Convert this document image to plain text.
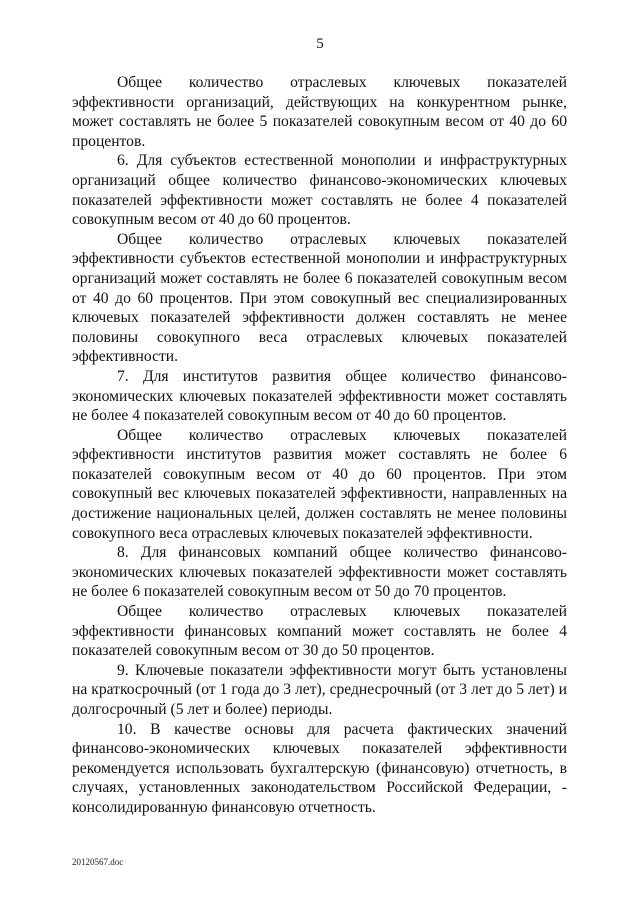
5

Общее количество отраслевых ключевых показателей эффективности организаций, действующих на конкурентном рынке, может составлять не более 5 показателей совокупным весом от 40 до 60 процентов.

6. Для субъектов естественной монополии и инфраструктурных организаций общее количество финансово-экономических ключевых показателей эффективности может составлять не более 4 показателей совокупным весом от 40 до 60 процентов.

Общее количество отраслевых ключевых показателей эффективности субъектов естественной монополии и инфраструктурных организаций может составлять не более 6 показателей совокупным весом от 40 до 60 процентов. При этом совокупный вес специализированных ключевых показателей эффективности должен составлять не менее половины совокупного веса отраслевых ключевых показателей эффективности.

7. Для институтов развития общее количество финансово-экономических ключевых показателей эффективности может составлять не более 4 показателей совокупным весом от 40 до 60 процентов.

Общее количество отраслевых ключевых показателей эффективности институтов развития может составлять не более 6 показателей совокупным весом от 40 до 60 процентов. При этом совокупный вес ключевых показателей эффективности, направленных на достижение национальных целей, должен составлять не менее половины совокупного веса отраслевых ключевых показателей эффективности.

8. Для финансовых компаний общее количество финансово-экономических ключевых показателей эффективности может составлять не более 6 показателей совокупным весом от 50 до 70 процентов.

Общее количество отраслевых ключевых показателей эффективности финансовых компаний может составлять не более 4 показателей совокупным весом от 30 до 50 процентов.

9. Ключевые показатели эффективности могут быть установлены на краткосрочный (от 1 года до 3 лет), среднесрочный (от 3 лет до 5 лет) и долгосрочный (5 лет и более) периоды.

10. В качестве основы для расчета фактических значений финансово-экономических ключевых показателей эффективности рекомендуется использовать бухгалтерскую (финансовую) отчетность, в случаях, установленных законодательством Российской Федерации, - консолидированную финансовую отчетность.

20120567.doc
